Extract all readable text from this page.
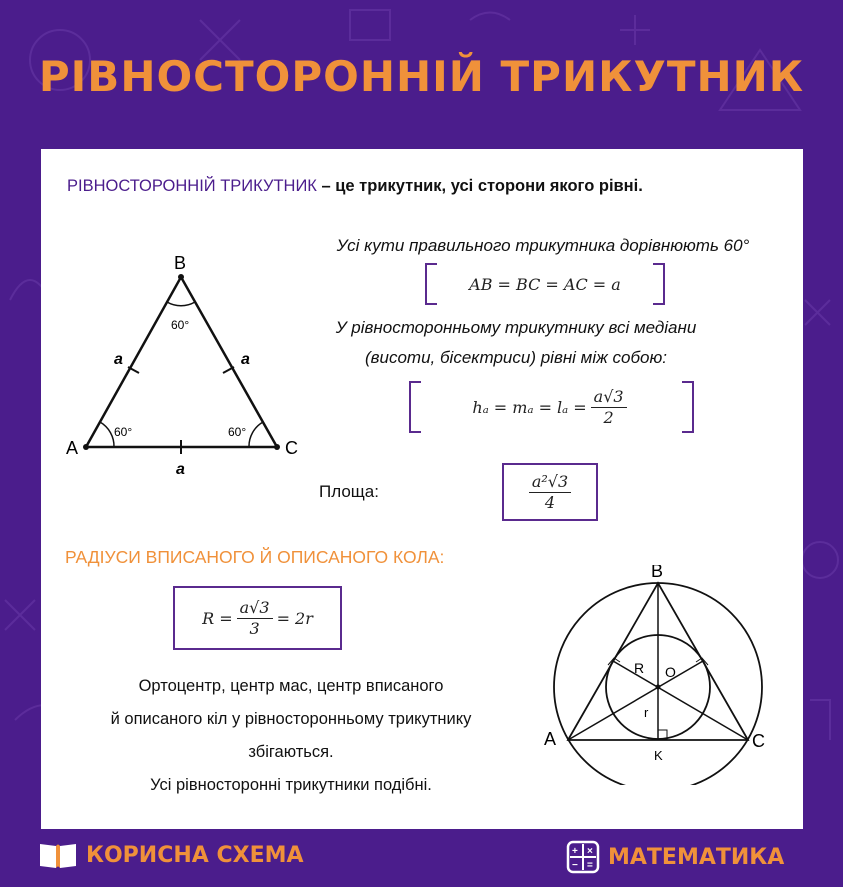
РІВНОСТОРОННІЙ ТРИКУТНИК
РІВНОСТОРОННІЙ ТРИКУТНИК – це трикутник, усі сторони якого рівні.
A
B
C
a	a
a
60°
60°	60°
Усі кути правильного трикутника дорівнюють 60°
AB = BC = AC = a
У рівносторонньому трикутнику всі медіани
(висоти, бісектриси) рівні між собою:
$h_a = m_a = l_a = \frac{a√3}{2}$
Площа:	$\frac{\text{a²√3}}{4}$
РАДІУСИ ВПИСАНОГО Й ОПИСАНОГО КОЛА:
$R = \frac{a√3}{3} = 2r$
Ортоцентр, центр мас, центр вписаного
й описаного кіл у рівносторонньому трикутнику
збігаються.
Усі рівносторонні трикутники подібні.
A
B
C
O
R
r
K
КОРИСНА СХЕМА	+ ×
− = МАТЕМАТИКА
